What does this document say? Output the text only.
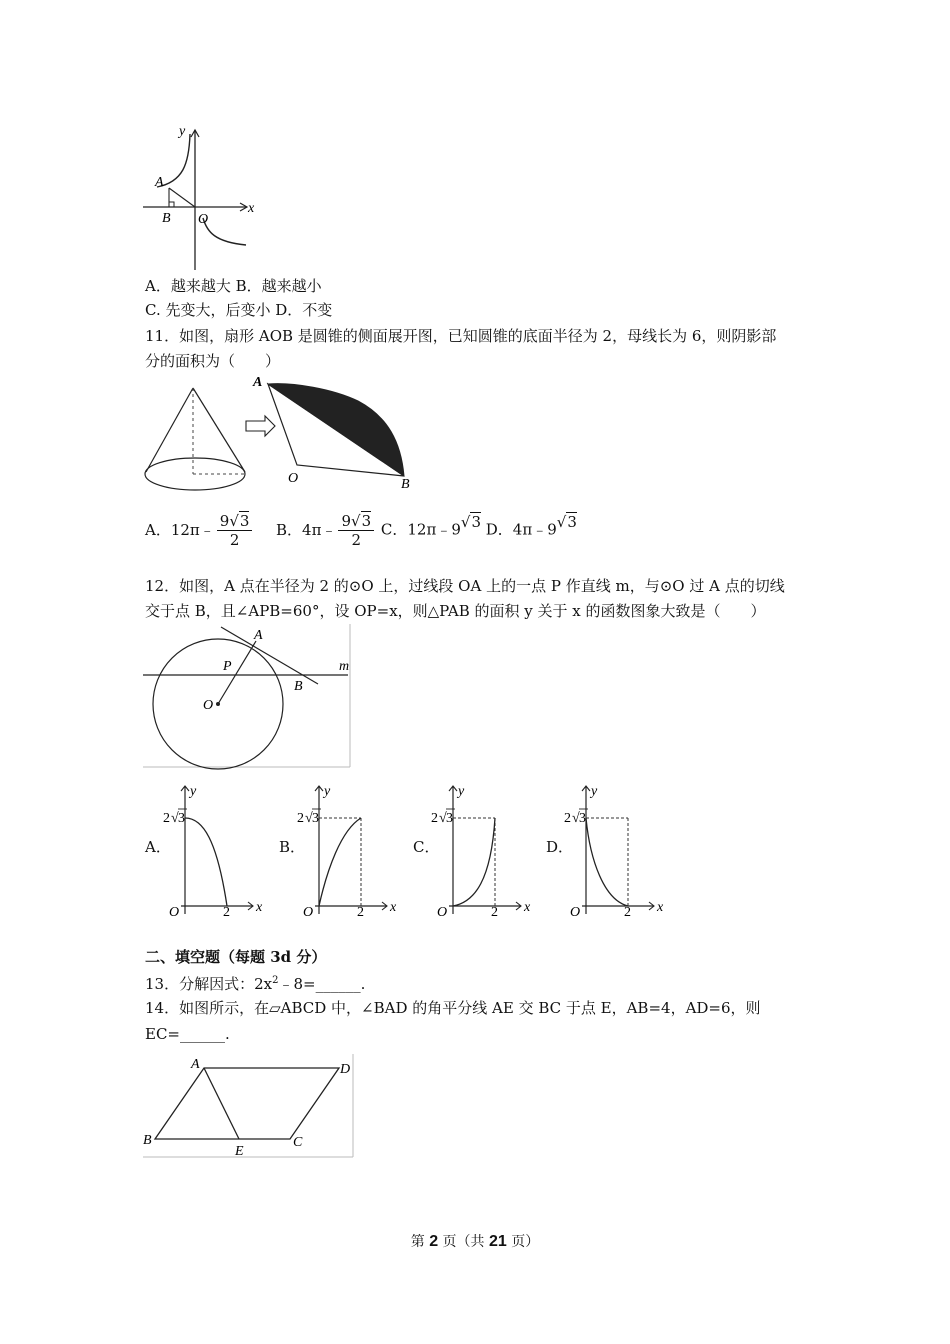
y
x
A
B O
A．越来越大 B．越来越小
C. 先变大，后变小 D．不变
11．如图，扇形 AOB 是圆锥的侧面展开图，已知圆锥的底面半径为 2，母线长为 6，则阴影部
分的面积为（　　）
A
O	B
A．12π﹣ $\frac{9√3}{2}$ B．4π﹣ $\frac{9√3}{2}$ C．12π﹣9√3 D．4π﹣9√3
12．如图，A 点在半径为 2 的⊙O 上，过线段 OA 上的一点 P 作直线 m，与⊙O 过 A 点的切线
交于点 B，且∠APB=60°，设 OP=x，则△PAB 的面积 y 关于 x 的函数图象大致是（　　）
A
P
O
B
m
A．
y
x
O	2
2 √ 3
B．
y
x
O	2
2 √ 3
C．
y
x
O	2
2 √ 3
D．
y
x
O	2
2 √ 3
二、填空题（每题 3d 分）
13．分解因式：$2x^2﹣8=\_\_\_\_\_\_$.
14．如图所示，在▱ABCD 中，∠BAD 的角平分线 AE 交 BC 于点 E，AB=4，AD=6，则
EC=______.
A	D
B
E
C
第 2 页（共 21 页）
